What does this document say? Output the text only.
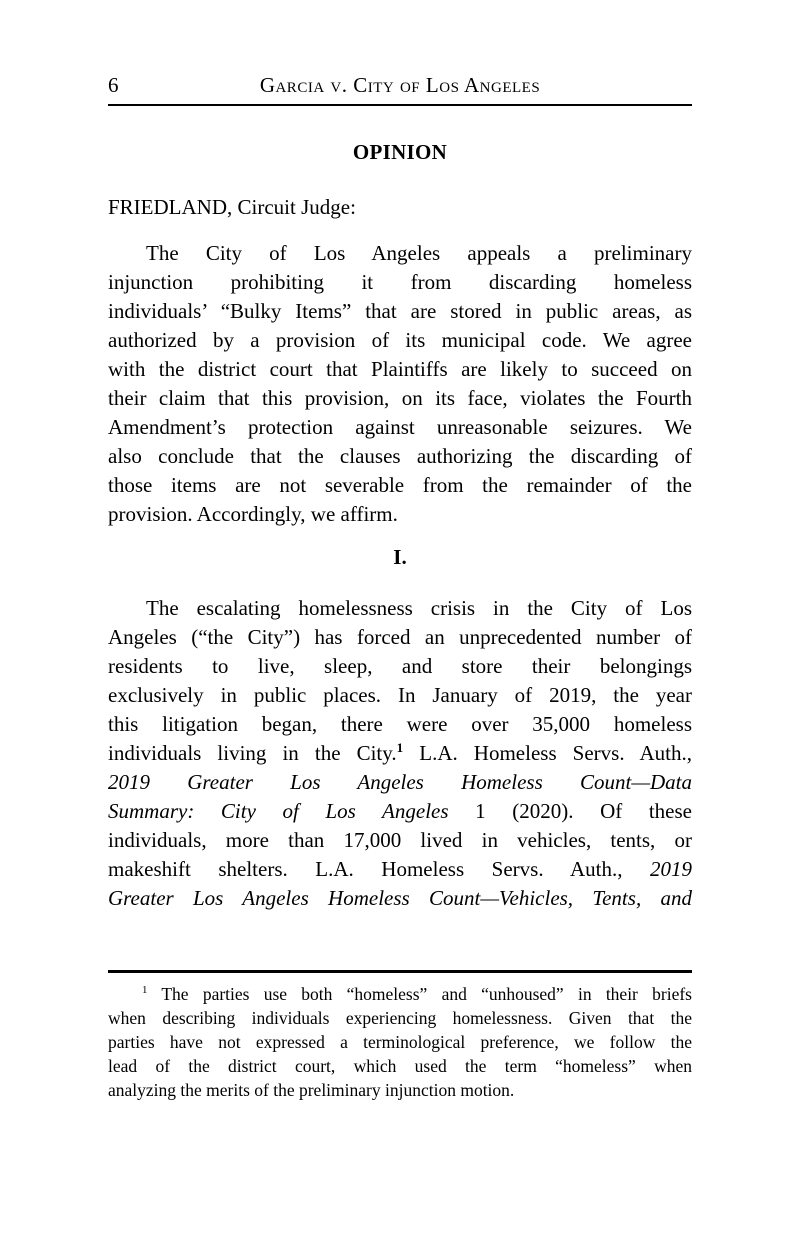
6	Garcia v. City of Los Angeles
OPINION
FRIEDLAND, Circuit Judge:
The City of Los Angeles appeals a preliminary
injunction prohibiting it from discarding homeless
individuals’ “Bulky Items” that are stored in public areas, as
authorized by a provision of its municipal code. We agree
with the district court that Plaintiffs are likely to succeed on
their claim that this provision, on its face, violates the Fourth
Amendment’s protection against unreasonable seizures. We
also conclude that the clauses authorizing the discarding of
those items are not severable from the remainder of the
provision. Accordingly, we affirm.
I.
The escalating homelessness crisis in the City of Los
Angeles (“the City”) has forced an unprecedented number of
residents to live, sleep, and store their belongings
exclusively in public places. In January of 2019, the year
this litigation began, there were over 35,000 homeless
individuals living in the City.$^1$ L.A. Homeless Servs. Auth.,
2019 Greater Los Angeles Homeless Count—Data
Summary: City of Los Angeles 1 (2020). Of these
individuals, more than 17,000 lived in vehicles, tents, or
makeshift shelters. L.A. Homeless Servs. Auth., 2019
Greater Los Angeles Homeless Count—Vehicles, Tents, and
$^1$ The parties use both “homeless” and “unhoused” in their briefs
when describing individuals experiencing homelessness. Given that the
parties have not expressed a terminological preference, we follow the
lead of the district court, which used the term “homeless” when
analyzing the merits of the preliminary injunction motion.
